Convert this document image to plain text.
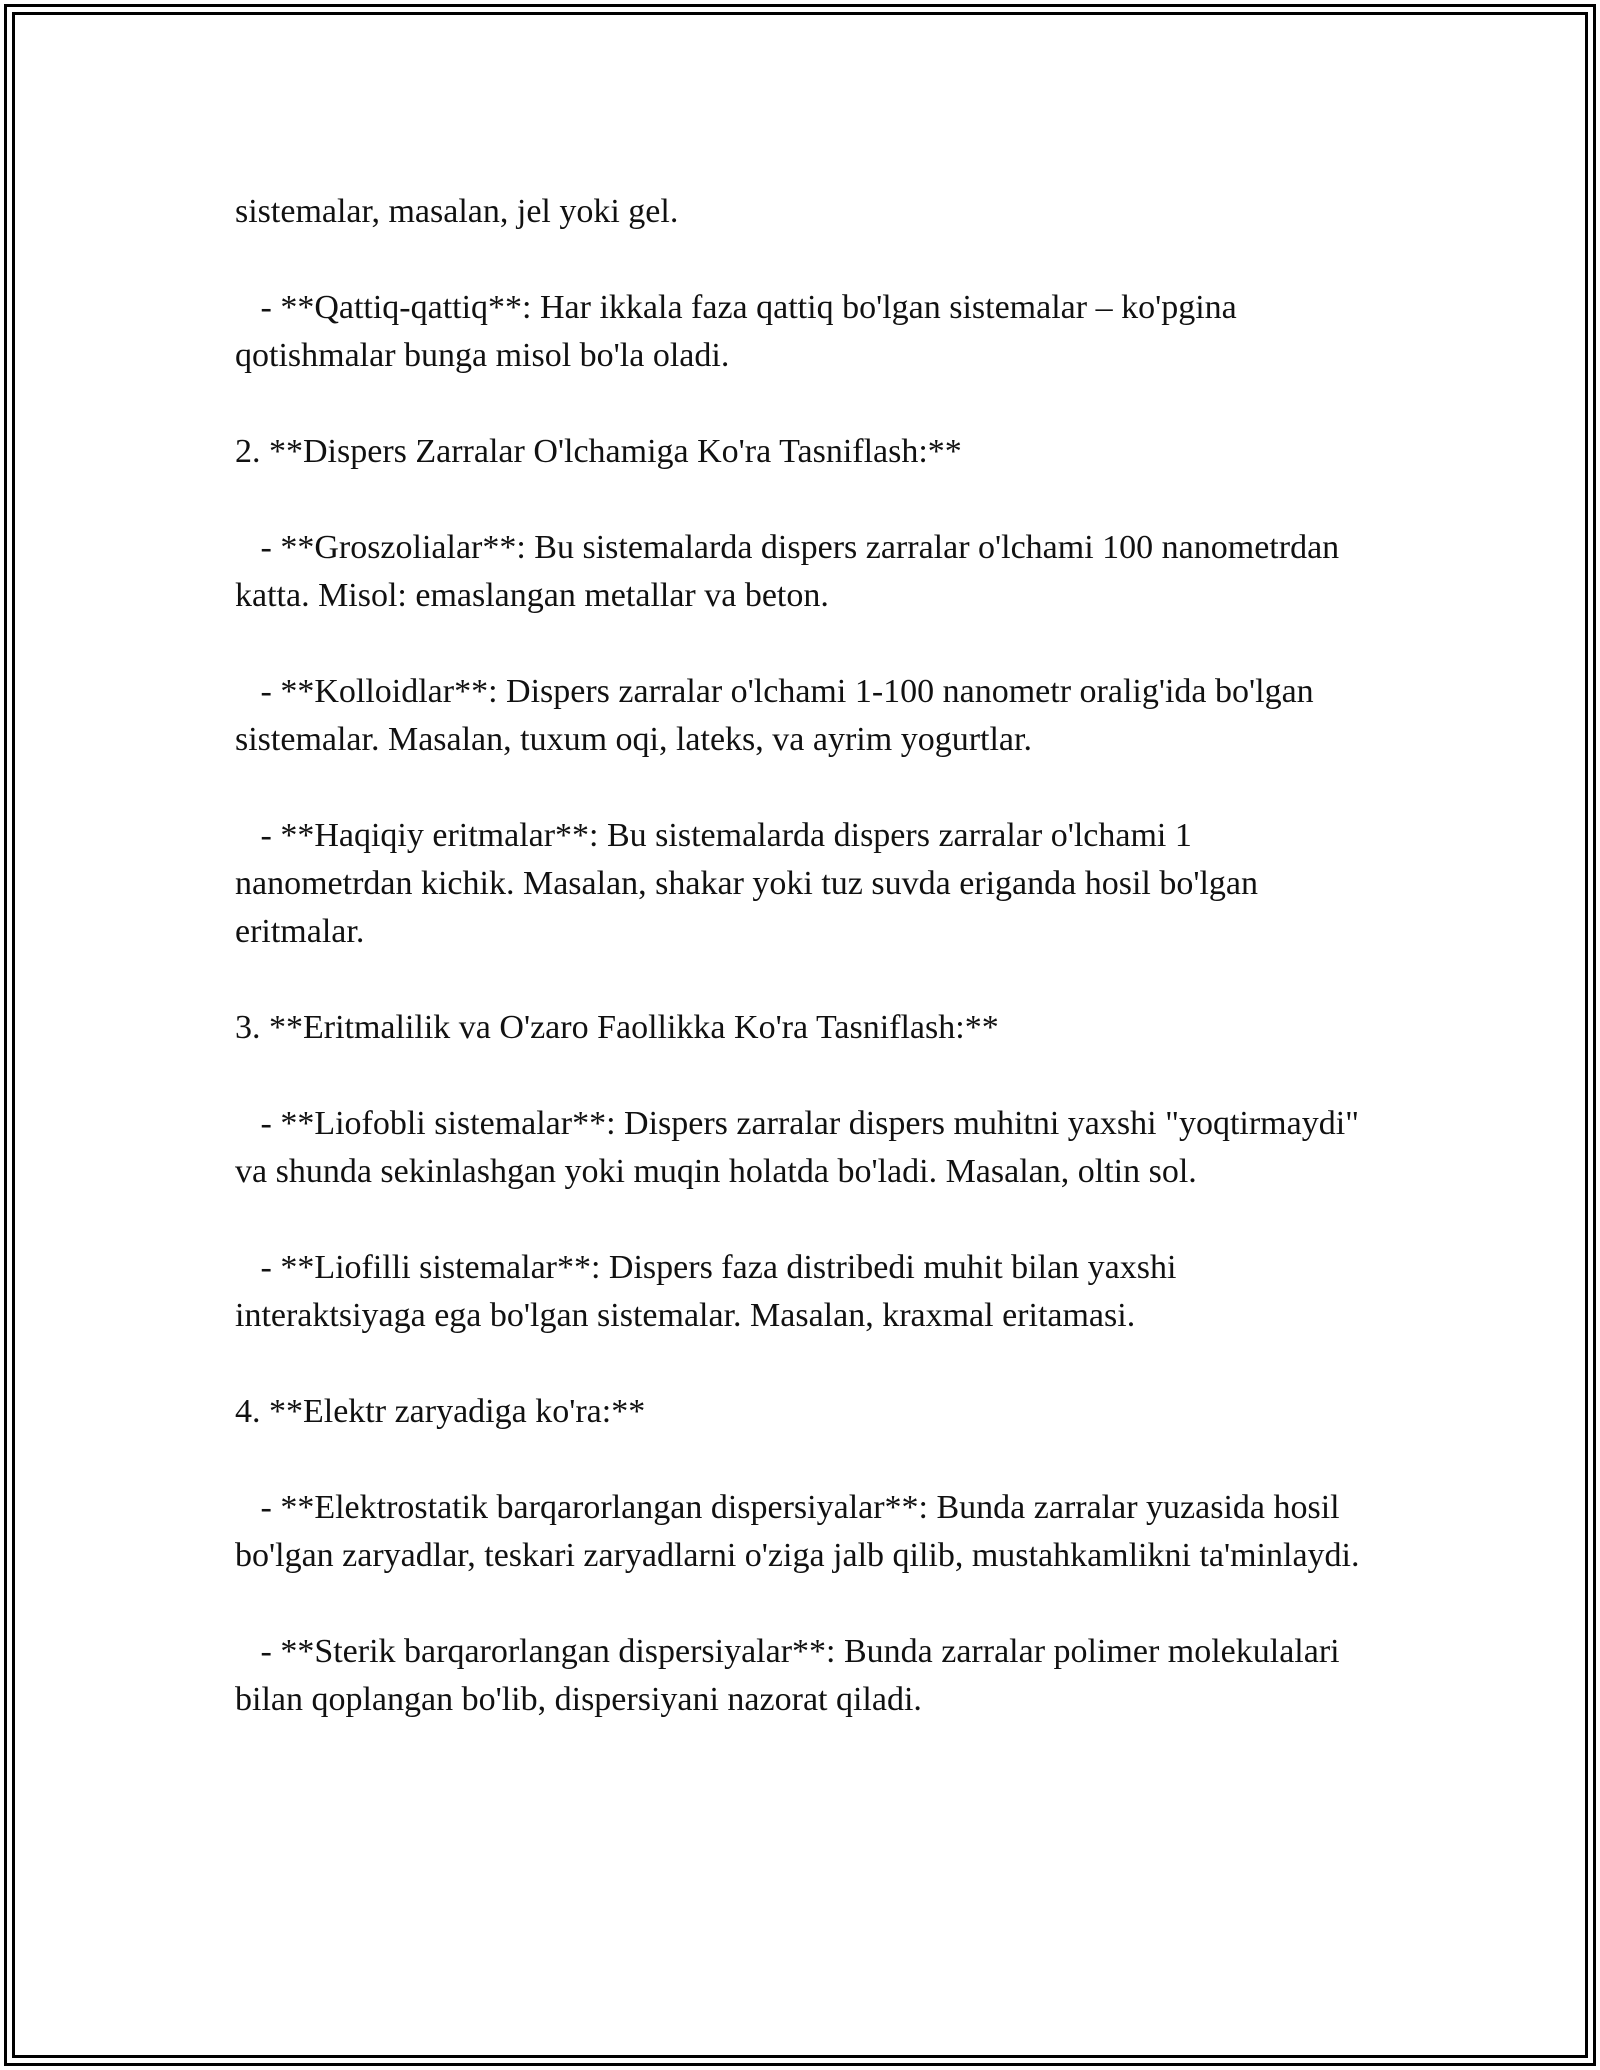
sistemalar, masalan, jel yoki gel.

- **Qattiq-qattiq**: Har ikkala faza qattiq bo'lgan sistemalar – ko'pgina qotishmalar bunga misol bo'la oladi.

2. **Dispers Zarralar O'lchamiga Ko'ra Tasniflash:**

- **Groszolialar**: Bu sistemalarda dispers zarralar o'lchami 100 nanometrdan katta. Misol: emaslangan metallar va beton.

- **Kolloidlar**: Dispers zarralar o'lchami 1-100 nanometr oralig'ida bo'lgan sistemalar. Masalan, tuxum oqi, lateks, va ayrim yogurtlar.

- **Haqiqiy eritmalar**: Bu sistemalarda dispers zarralar o'lchami 1 nanometrdan kichik. Masalan, shakar yoki tuz suvda eriganda hosil bo'lgan eritmalar.

3. **Eritmalilik va O'zaro Faollikka Ko'ra Tasniflash:**

- **Liofobli sistemalar**: Dispers zarralar dispers muhitni yaxshi "yoqtirmaydi" va shunda sekinlashgan yoki muqin holatda bo'ladi. Masalan, oltin sol.

- **Liofilli sistemalar**: Dispers faza distribedi muhit bilan yaxshi interaktsiyaga ega bo'lgan sistemalar. Masalan, kraxmal eritamasi.

4. **Elektr zaryadiga ko'ra:**

- **Elektrostatik barqarorlangan dispersiyalar**: Bunda zarralar yuzasida hosil bo'lgan zaryadlar, teskari zaryadlarni o'ziga jalb qilib, mustahkamlikni ta'minlaydi.

- **Sterik barqarorlangan dispersiyalar**: Bunda zarralar polimer molekulalari bilan qoplangan bo'lib, dispersiyani nazorat qiladi.
